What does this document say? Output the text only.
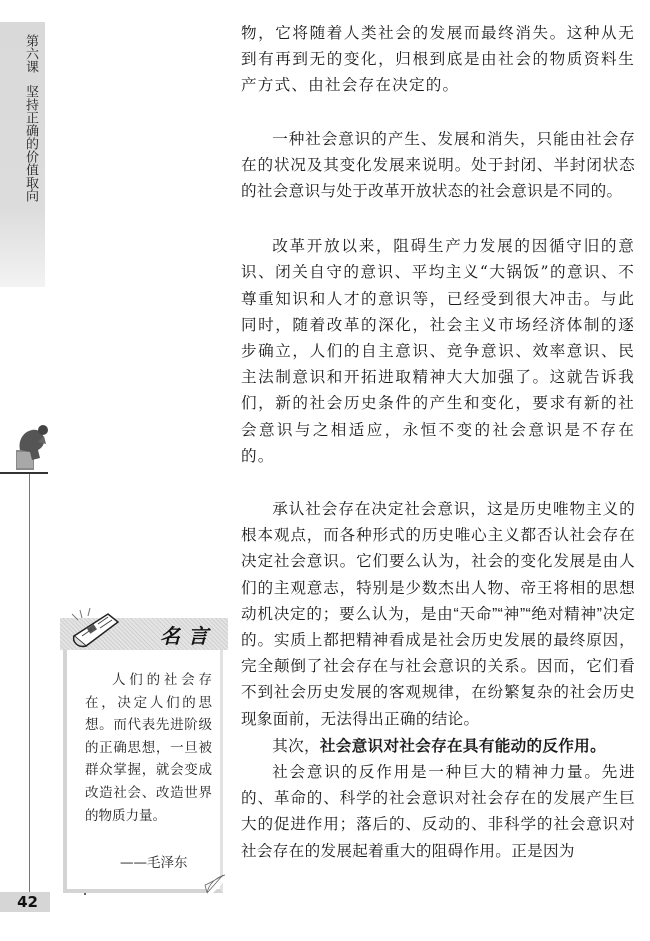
第六课坚持正确的价值取向

物，它将随着人类社会的发展而最终消失。这种从无到有再到无的变化，归根到底是由社会的物质资料生产方式、由社会存在决定的。

一种社会意识的产生、发展和消失，只能由社会存在的状况及其变化发展来说明。处于封闭、半封闭状态的社会意识与处于改革开放状态的社会意识是不同的。

改革开放以来，阻碍生产力发展的因循守旧的意识、闭关自守的意识、平均主义“大锅饭”的意识、不尊重知识和人才的意识等，已经受到很大冲击。与此同时，随着改革的深化，社会主义市场经济体制的逐步确立，人们的自主意识、竞争意识、效率意识、民主法制意识和开拓进取精神大大加强了。这就告诉我们，新的社会历史条件的产生和变化，要求有新的社会意识与之相适应，永恒不变的社会意识是不存在的。

承认社会存在决定社会意识，这是历史唯物主义的根本观点，而各种形式的历史唯心主义都否认社会存在决定社会意识。它们要么认为，社会的变化发展是由人们的主观意志，特别是少数杰出人物、帝王将相的思想动机决定的；要么认为，是由“天命”“神”“绝对精神”决定的。实质上都把精神看成是社会历史发展的最终原因，完全颠倒了社会存在与社会意识的关系。因而，它们看不到社会历史发展的客观规律，在纷繁复杂的社会历史现象面前，无法得出正确的结论。

其次，社会意识对社会存在具有能动的反作用。

社会意识的反作用是一种巨大的精神力量。先进的、革命的、科学的社会意识对社会存在的发展产生巨大的促进作用；落后的、反动的、非科学的社会意识对社会存在的发展起着重大的阻碍作用。正是因为

名言
人们的社会存在，决定人们的思想。而代表先进阶级的正确思想，一旦被群众掌握，就会变成改造社会、改造世界的物质力量。
——毛泽东
42
